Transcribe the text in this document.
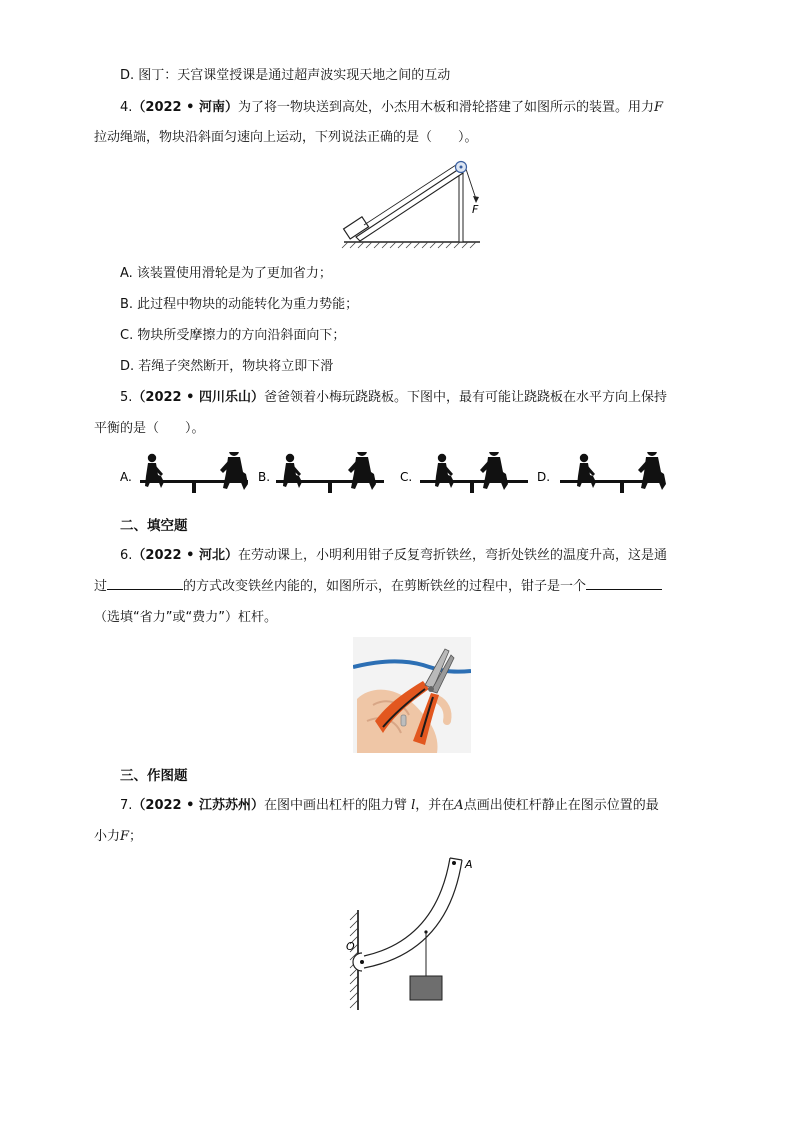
D. 图丁：天宫课堂授课是通过超声波实现天地之间的互动
4.（2022 • 河南）为了将一物块送到高处，小杰用木板和滑轮搭建了如图所示的装置。用力F
拉动绳端，物块沿斜面匀速向上运动，下列说法正确的是（　　）。
F
A. 该装置使用滑轮是为了更加省力；
B. 此过程中物块的动能转化为重力势能；
C. 物块所受摩擦力的方向沿斜面向下；
D. 若绳子突然断开，物块将立即下滑
5.（2022 • 四川乐山）爸爸领着小梅玩跷跷板。下图中，最有可能让跷跷板在水平方向上保持
平衡的是（　　）。
A.	B.	C.	D.
二、填空题
6.（2022 • 河北）在劳动课上，小明利用钳子反复弯折铁丝，弯折处铁丝的温度升高，这是通
过	的方式改变铁丝内能的，如图所示，在剪断铁丝的过程中，钳子是一个
（选填“省力”或“费力”）杠杆。
三、作图题
7.（2022 • 江苏苏州）在图中画出杠杆的阻力臂 l，并在A点画出使杠杆静止在图示位置的最
小力F；
O
A
